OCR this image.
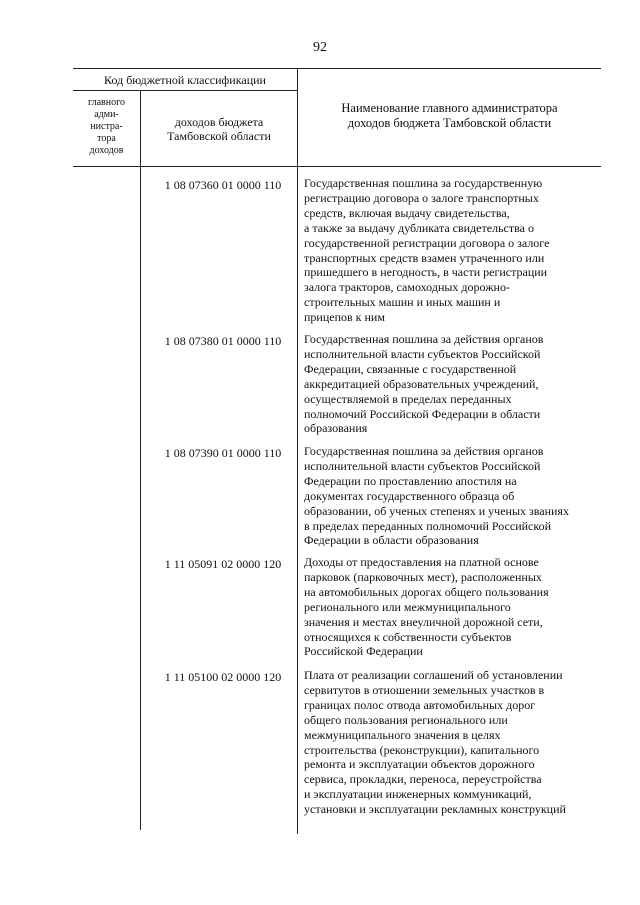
92
Код бюджетной классификации
главного
адми-
нистра-
тора
доходов
доходов бюджета
Тамбовской области
Наименование главного администратора
доходов бюджета Тамбовской области
1 08 07360 01 0000 110	Государственная пошлина за государственную
регистрацию договора о залоге транспортных
средств, включая выдачу свидетельства,
а также за выдачу дубликата свидетельства о
государственной регистрации договора о залоге
транспортных средств взамен утраченного или
пришедшего в негодность, в части регистрации
залога тракторов, самоходных дорожно-
строительных машин и иных машин и
прицепов к ним
1 08 07380 01 0000 110	Государственная пошлина за действия органов
исполнительной власти субъектов Российской
Федерации, связанные с государственной
аккредитацией образовательных учреждений,
осуществляемой в пределах переданных
полномочий Российской Федерации в области
образования
1 08 07390 01 0000 110	Государственная пошлина за действия органов
исполнительной власти субъектов Российской
Федерации по проставлению апостиля на
документах государственного образца об
образовании, об ученых степенях и ученых званиях
в пределах переданных полномочий Российской
Федерации в области образования
1 11 05091 02 0000 120	Доходы от предоставления на платной основе
парковок (парковочных мест), расположенных
на автомобильных дорогах общего пользования
регионального или межмуниципального
значения и местах внеуличной дорожной сети,
относящихся к собственности субъектов
Российской Федерации
1 11 05100 02 0000 120	Плата от реализации соглашений об установлении
сервитутов в отношении земельных участков в
границах полос отвода автомобильных дорог
общего пользования регионального или
межмуниципального значения в целях
строительства (реконструкции), капитального
ремонта и эксплуатации объектов дорожного
сервиса, прокладки, переноса, переустройства
и эксплуатации инженерных коммуникаций,
установки и эксплуатации рекламных конструкций
